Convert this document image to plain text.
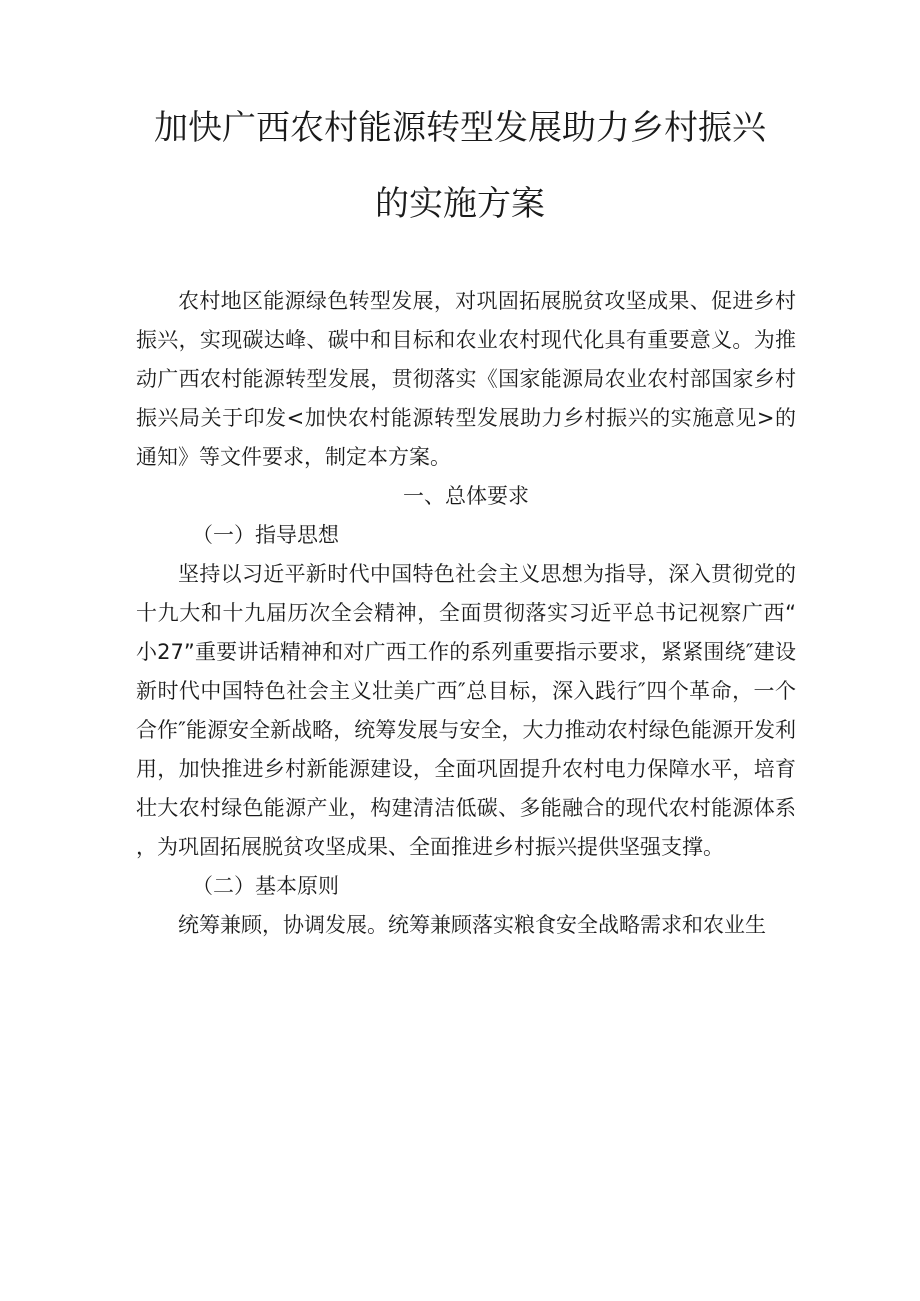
加快广西农村能源转型发展助力乡村振兴
的实施方案

农村地区能源绿色转型发展，对巩固拓展脱贫攻坚成果、促进乡村振兴，实现碳达峰、碳中和目标和农业农村现代化具有重要意义。为推动广西农村能源转型发展，贯彻落实《国家能源局农业农村部国家乡村振兴局关于印发<加快农村能源转型发展助力乡村振兴的实施意见>的通知》等文件要求，制定本方案。

一、总体要求

（一）指导思想

坚持以习近平新时代中国特色社会主义思想为指导，深入贯彻党的十九大和十九届历次全会精神，全面贯彻落实习近平总书记视察广西“小27”重要讲话精神和对广西工作的系列重要指示要求，紧紧围绕″建设新时代中国特色社会主义壮美广西″总目标，深入践行″四个革命，一个合作″能源安全新战略，统筹发展与安全，大力推动农村绿色能源开发利用，加快推进乡村新能源建设，全面巩固提升农村电力保障水平，培育壮大农村绿色能源产业，构建清洁低碳、多能融合的现代农村能源体系，为巩固拓展脱贫攻坚成果、全面推进乡村振兴提供坚强支撑。

（二）基本原则

统筹兼顾，协调发展。统筹兼顾落实粮食安全战略需求和农业生
